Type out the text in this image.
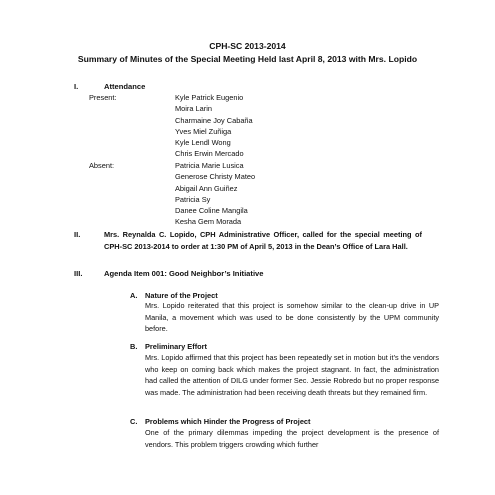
CPH-SC 2013-2014
Summary of Minutes of the Special Meeting Held last April 8, 2013 with Mrs. Lopido
I.	Attendance
Present:	Kyle Patrick Eugenio
Moira Larin
Charmaine Joy Cabaña
Yves Miel Zuñiga
Kyle Lendl Wong
Chris Erwin Mercado
Absent:	Patricia Marie Lusica
Generose Christy Mateo
Abigail Ann Guiñez
Patricia Sy
Danee Coline Mangila
Kesha Gem Morada
II.	Mrs. Reynalda C. Lopido, CPH Administrative Officer, called for the special meeting of CPH-SC 2013-2014 to order at 1:30 PM of April 5, 2013 in the Dean’s Office of Lara Hall.
III.	Agenda Item 001: Good Neighbor’s Initiative
A. Nature of the Project
Mrs. Lopido reiterated that this project is somehow similar to the clean-up drive in UP Manila, a movement which was used to be done consistently by the UPM community before.
B. Preliminary Effort
Mrs. Lopido affirmed that this project has been repeatedly set in motion but it’s the vendors who keep on coming back which makes the project stagnant. In fact, the administration had called the attention of DILG under former Sec. Jessie Robredo but no proper response was made. The administration had been receiving death threats but they remained firm.
C. Problems which Hinder the Progress of Project
One of the primary dilemmas impeding the project development is the presence of vendors. This problem triggers crowding which further
